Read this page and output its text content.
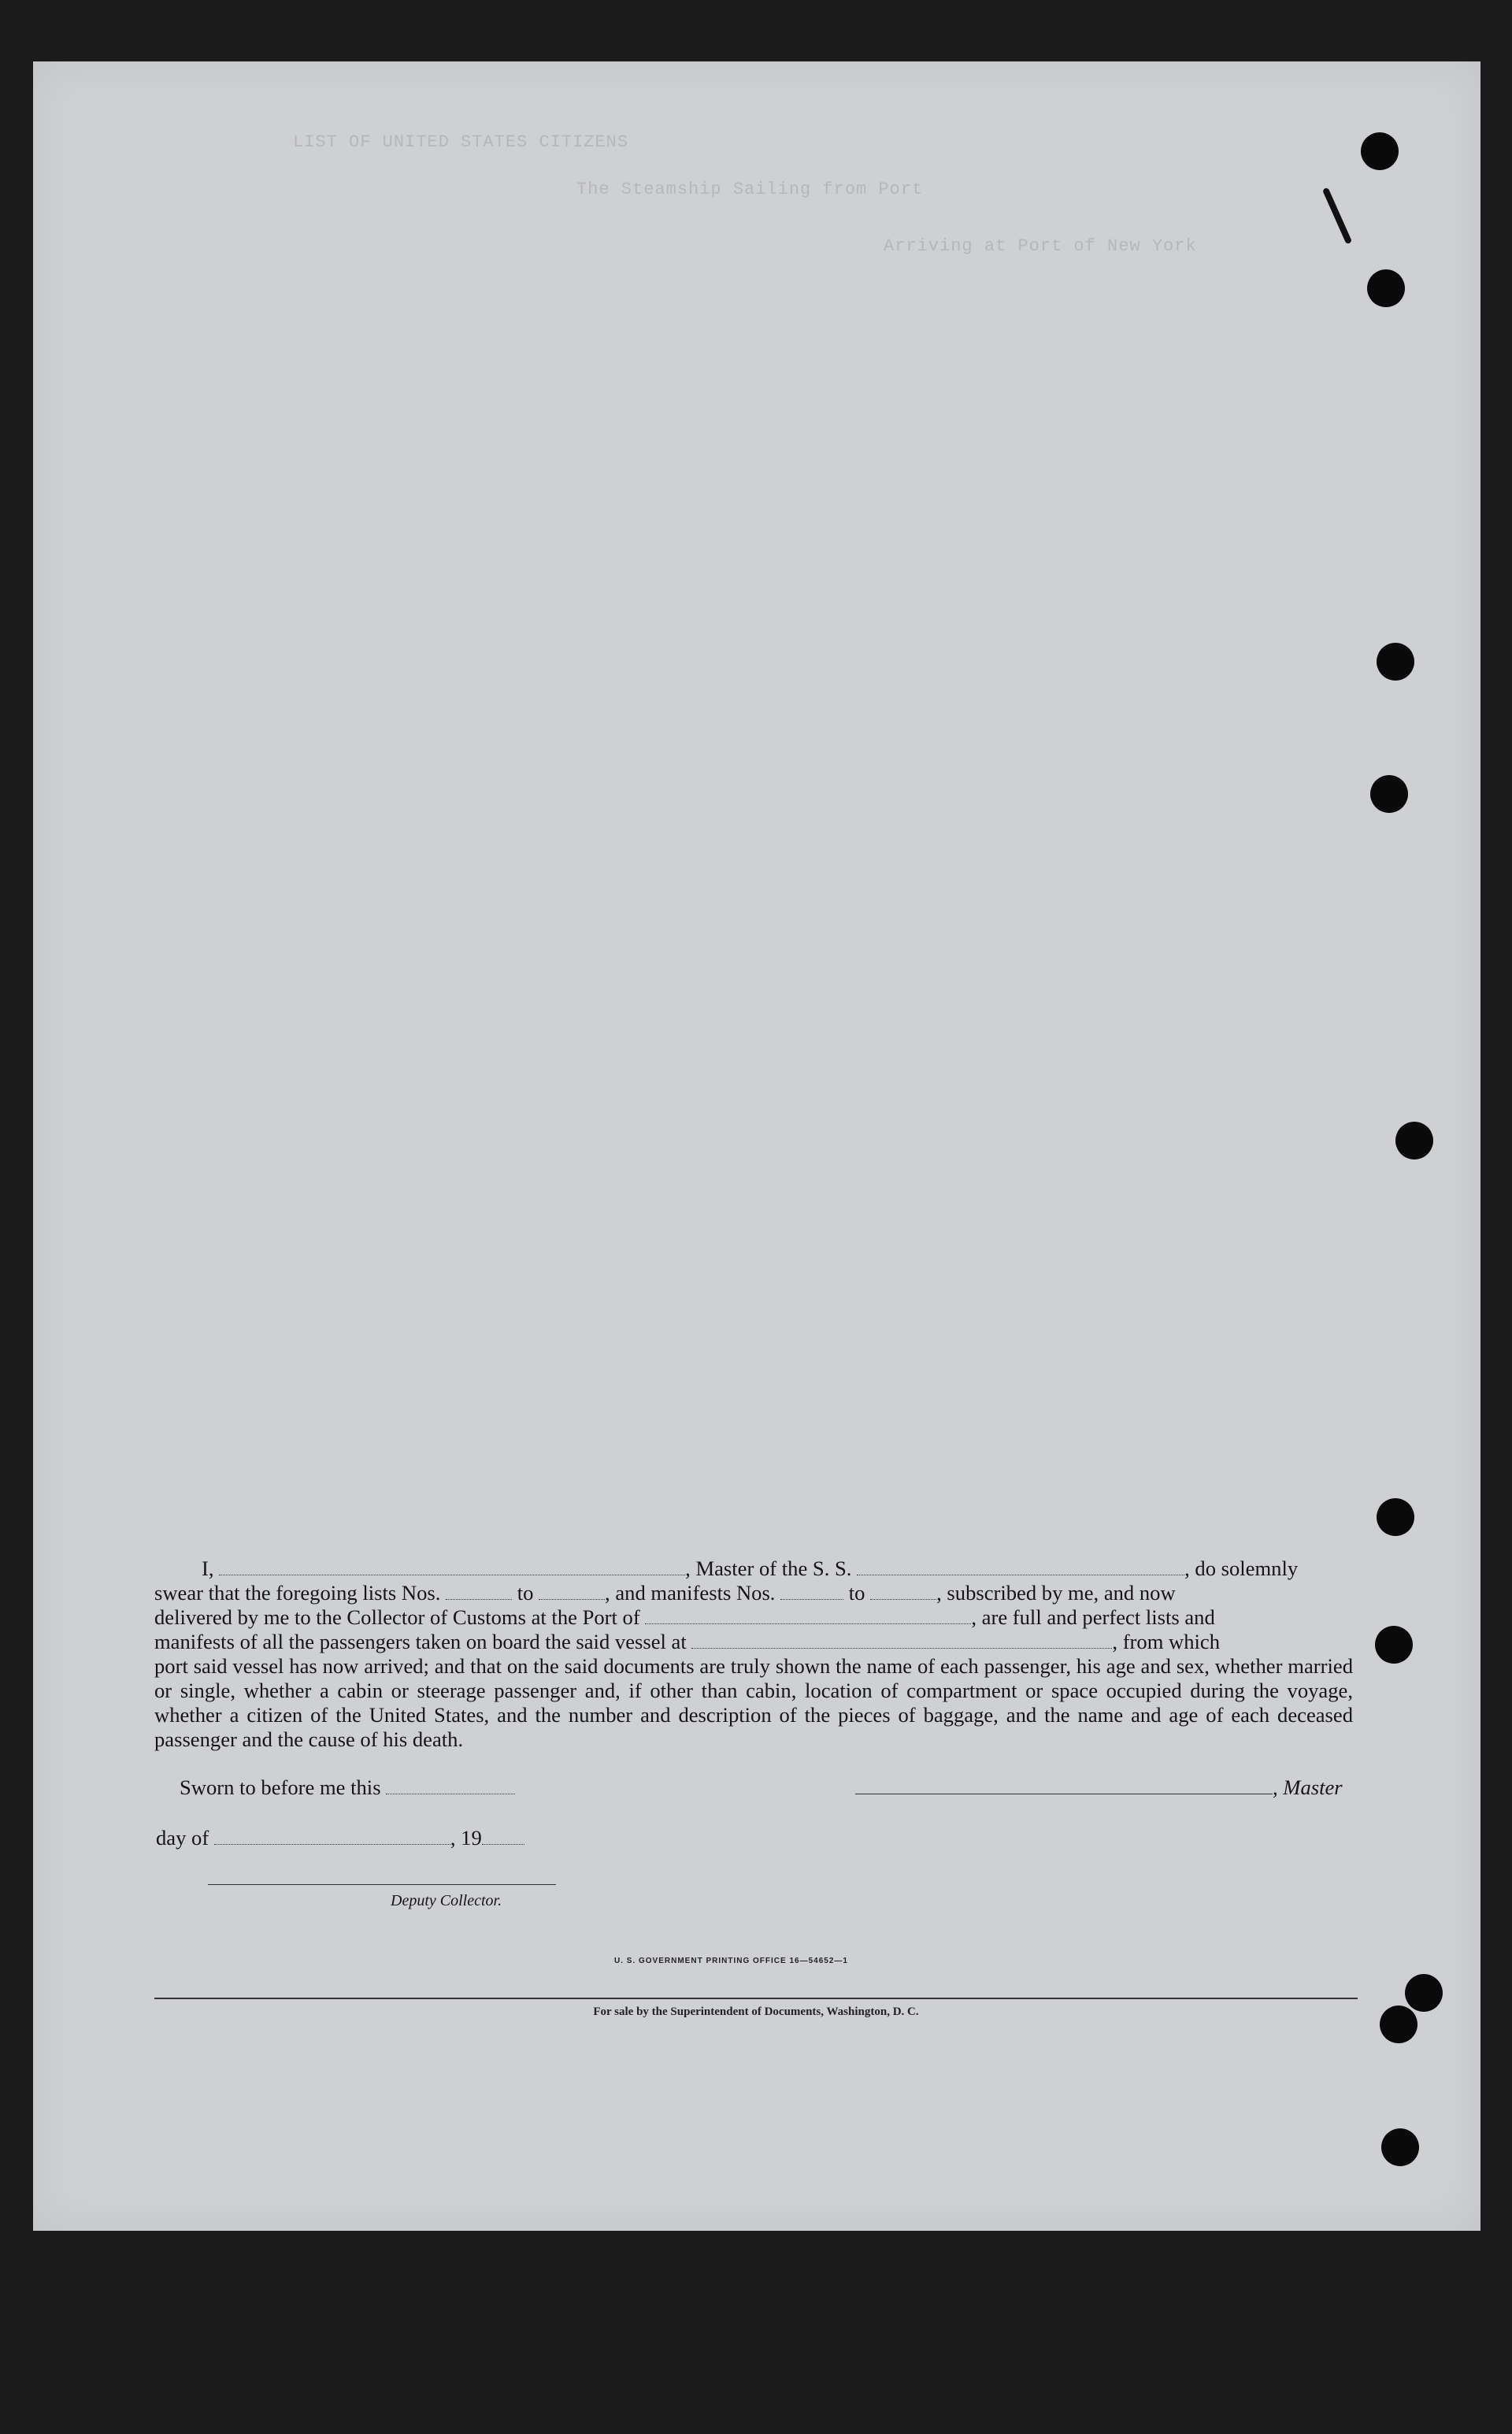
LIST OF UNITED STATES CITIZENS
The Steamship Sailing from Port
Arriving at Port of New York

I,	, Master of the S. S.	, do solemnly

swear that the foregoing lists Nos.	to	, and manifests Nos.	to	, subscribed by me, and now

delivered by me to the Collector of Customs at the Port of	, are full and perfect lists and

manifests of all the passengers taken on board the said vessel at	, from which

port said vessel has now arrived; and that on the said documents are truly shown the name of each passenger, his age and sex, whether married or single, whether a cabin or steerage passenger and, if other than cabin, location of compartment or space occupied during the voyage, whether a citizen of the United States, and the number and description of the pieces of baggage, and the name and age of each deceased passenger and the cause of his death.

Sworn to before me this	, Master
day of	, 19
Deputy Collector.
U. S. GOVERNMENT PRINTING OFFICE 16—54652—1
For sale by the Superintendent of Documents, Washington, D. C.
